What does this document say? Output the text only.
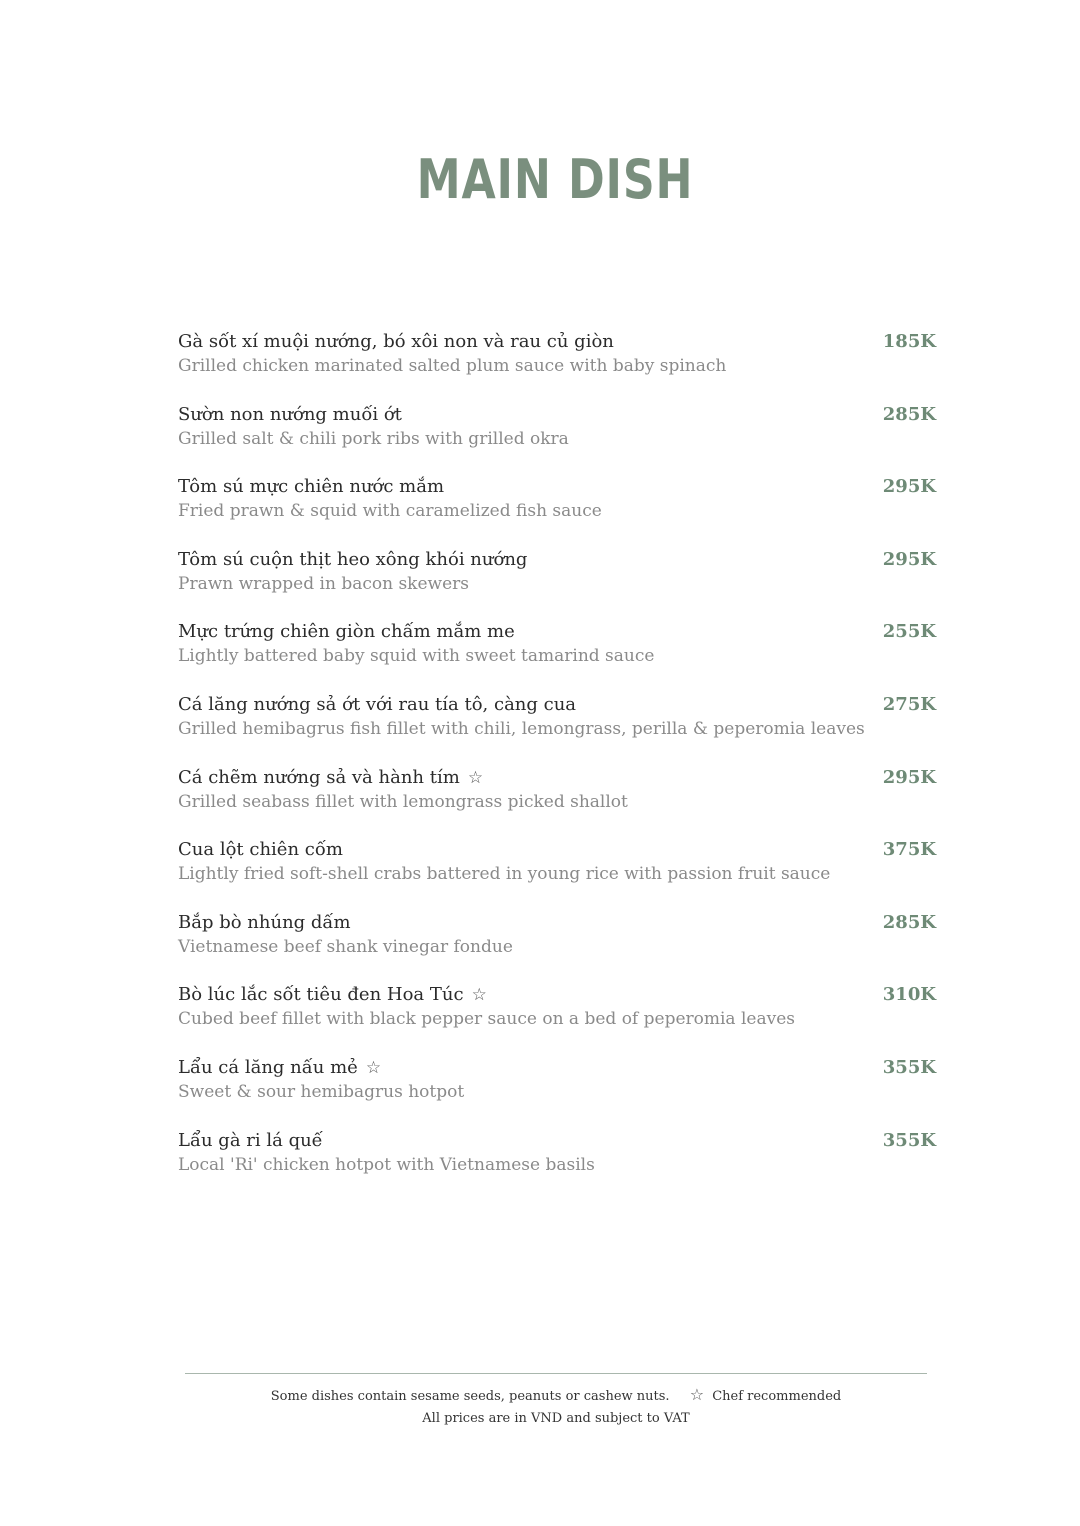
MAIN DISH
Gà sốt xí muội nướng, bó xôi non và rau củ giòn
Grilled chicken marinated salted plum sauce with baby spinach
185K
Sườn non nướng muối ớt
Grilled salt & chili pork ribs with grilled okra
285K
Tôm sú mực chiên nước mắm
Fried prawn & squid with caramelized fish sauce
295K
Tôm sú cuộn thịt heo xông khói nướng
Prawn wrapped in bacon skewers
295K
Mực trứng chiên giòn chấm mắm me
Lightly battered baby squid with sweet tamarind sauce
255K
Cá lăng nướng sả ớt với rau tía tô, càng cua
Grilled hemibagrus fish fillet with chili, lemongrass, perilla & peperomia leaves
275K
Cá chẽm nướng sả và hành tím ☆
Grilled seabass fillet with lemongrass picked shallot
295K
Cua lột chiên cốm
Lightly fried soft-shell crabs battered in young rice with passion fruit sauce
375K
Bắp bò nhúng dấm
Vietnamese beef shank vinegar fondue
285K
Bò lúc lắc sốt tiêu đen Hoa Túc ☆
Cubed beef fillet with black pepper sauce on a bed of peperomia leaves
310K
Lẩu cá lăng nấu mẻ ☆
Sweet & sour hemibagrus hotpot
355K
Lẩu gà ri lá quế
Local 'Ri' chicken hotpot with Vietnamese basils
355K
Some dishes contain sesame seeds, peanuts or cashew nuts. ☆ Chef recommended
All prices are in VND and subject to VAT
